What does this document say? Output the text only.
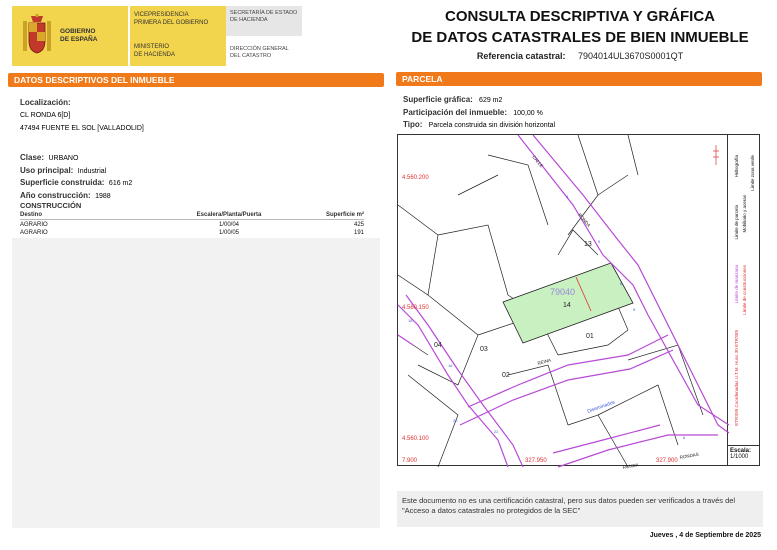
GOBIERNO
DE ESPAÑA
VICEPRESIDENCIA
PRIMERA DEL GOBIERNO
MINISTERIO
DE HACIENDA
SECRETARÍA DE ESTADO
DE HACIENDA
DIRECCIÓN GENERAL
DEL CATASTRO
CONSULTA DESCRIPTIVA Y GRÁFICA
DE DATOS CATASTRALES DE BIEN INMUEBLE
Referencia catastral: 7904014UL3670S0001QT
DATOS DESCRIPTIVOS DEL INMUEBLE
Localización:
CL RONDA 6[D]
47494 FUENTE EL SOL [VALLADOLID]
Clase: URBANO
Uso principal: Industrial
Superficie construida: 616 m2
Año construcción: 1988
CONSTRUCCIÓN
Destino	Escalera/Planta/Puerta	Superficie m²
AGRARIO	1/00/04	425
AGRARIO	1/00/05	191
PARCELA
Superficie gráfica: 629 m2
Participación del inmueble: 100,00 %
Tipo: Parcela construida sin división horizontal
4.560.200
4.560.150
4.560.100
7.900	327.950	327.900
79040
14
13
01
02
03
04
CALLE
RONDA
REINA
RONDA
RONDAS
Diseminados
5
6
5
4
20
22
6
18
16	ETRS89 Coordenadas U.T.M. Huso 30 ETRS89
Límite de manzana
Límite de parcela
Hidrografía
Límite de construcciones
Mobiliario y aceras
Límite zona verde
Escala:
1/1000
Este documento no es una certificación catastral, pero sus datos pueden ser verificados a través del "Acceso a datos catastrales no protegidos de la SEC"
Jueves , 4 de Septiembre de 2025
